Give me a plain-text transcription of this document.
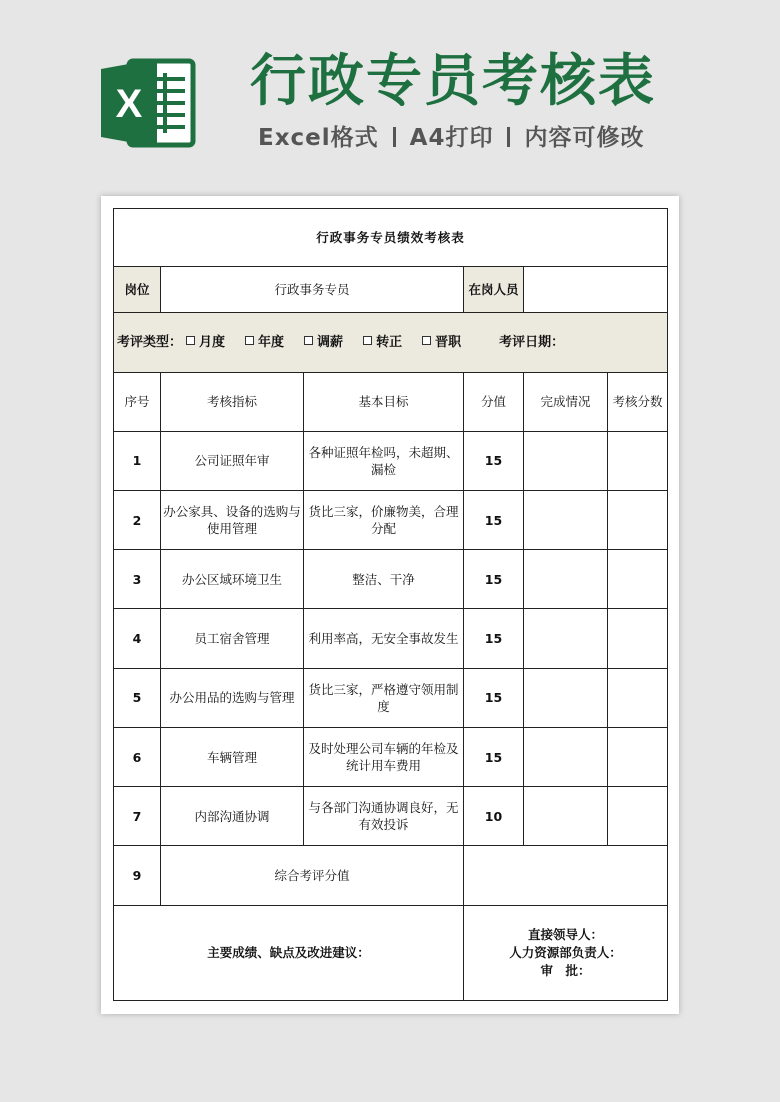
X 行政专员考核表
Excel格式 A4打印 内容可修改
行政事务专员绩效考核表					
岗位	行政事务专员		在岗人员		
考评类型： 月度 年度 调薪 转正 晋职 考评日期：					
序号	考核指标	基本目标	分值	完成情况	考核分数
1	公司证照年审	各种证照年检吗，未超期、漏检	15		
2	办公家具、设备的选购与使用管理	货比三家，价廉物美，合理分配	15		
3	办公区域环境卫生	整洁、干净	15		
4	员工宿舍管理	利用率高，无安全事故发生	15		
5	办公用品的选购与管理	货比三家，严格遵守领用制度	15		
6	车辆管理	及时处理公司车辆的年检及统计用车费用	15		
7	内部沟通协调	与各部门沟通协调良好，无有效投诉	10		
9	综合考评分值				
主要成绩、缺点及改进建议：			直接领导人：
人力资源部负责人：
审　批：		
